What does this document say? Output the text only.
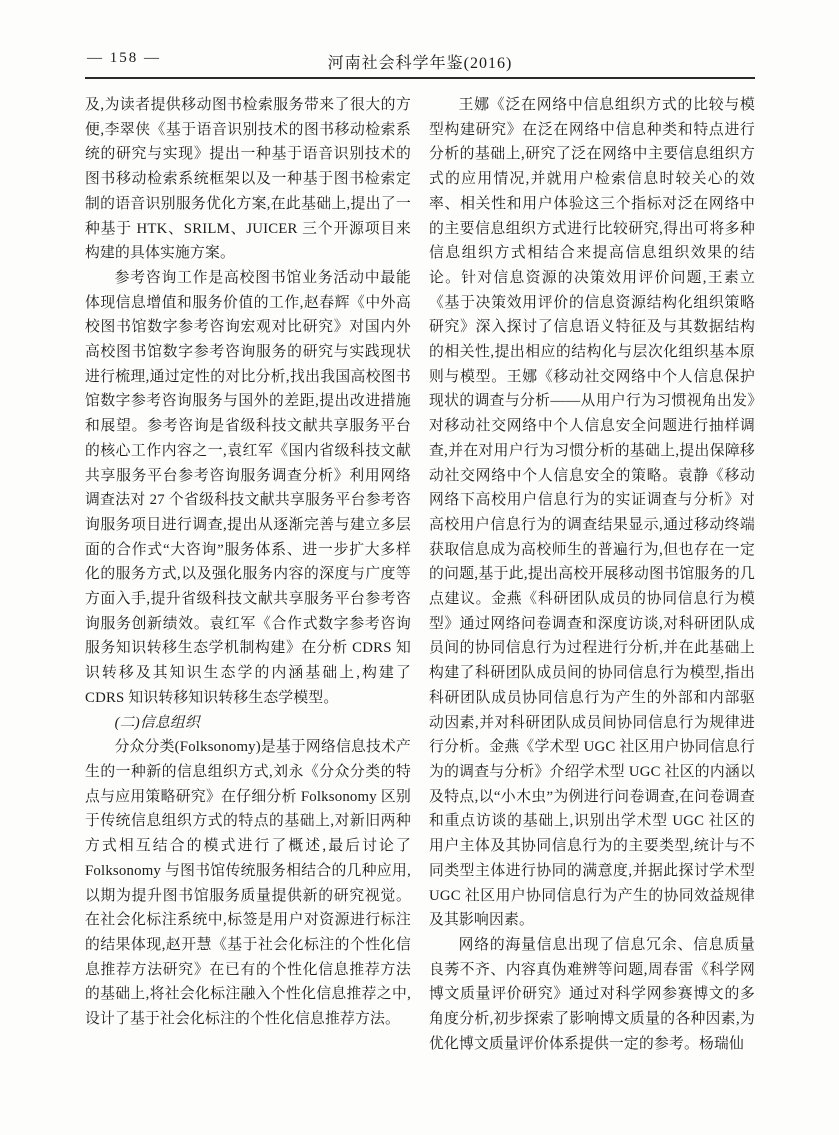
— 158 —	河南社会科学年鉴(2016)

及,为读者提供移动图书检索服务带来了很大的方便,李翠侠《基于语音识别技术的图书移动检索系统的研究与实现》提出一种基于语音识别技术的图书移动检索系统框架以及一种基于图书检索定制的语音识别服务优化方案,在此基础上,提出了一种基于 HTK、SRILM、JUICER 三个开源项目来构建的具体实施方案。

参考咨询工作是高校图书馆业务活动中最能体现信息增值和服务价值的工作,赵春辉《中外高校图书馆数字参考咨询宏观对比研究》对国内外高校图书馆数字参考咨询服务的研究与实践现状进行梳理,通过定性的对比分析,找出我国高校图书馆数字参考咨询服务与国外的差距,提出改进措施和展望。参考咨询是省级科技文献共享服务平台的核心工作内容之一,袁红军《国内省级科技文献共享服务平台参考咨询服务调查分析》利用网络调查法对 27 个省级科技文献共享服务平台参考咨询服务项目进行调查,提出从逐渐完善与建立多层面的合作式“大咨询”服务体系、进一步扩大多样化的服务方式,以及强化服务内容的深度与广度等方面入手,提升省级科技文献共享服务平台参考咨询服务创新绩效。袁红军《合作式数字参考咨询服务知识转移生态学机制构建》在分析 CDRS 知识转移及其知识生态学的内涵基础上,构建了 CDRS 知识转移知识转移生态学模型。

(二)信息组织

分众分类(Folksonomy)是基于网络信息技术产生的一种新的信息组织方式,刘永《分众分类的特点与应用策略研究》在仔细分析 Folksonomy 区别于传统信息组织方式的特点的基础上,对新旧两种方式相互结合的模式进行了概述,最后讨论了 Folksonomy 与图书馆传统服务相结合的几种应用,以期为提升图书馆服务质量提供新的研究视觉。在社会化标注系统中,标签是用户对资源进行标注的结果体现,赵开慧《基于社会化标注的个性化信息推荐方法研究》在已有的个性化信息推荐方法的基础上,将社会化标注融入个性化信息推荐之中,设计了基于社会化标注的个性化信息推荐方法。

王娜《泛在网络中信息组织方式的比较与模型构建研究》在泛在网络中信息种类和特点进行分析的基础上,研究了泛在网络中主要信息组织方式的应用情况,并就用户检索信息时较关心的效率、相关性和用户体验这三个指标对泛在网络中的主要信息组织方式进行比较研究,得出可将多种信息组织方式相结合来提高信息组织效果的结论。针对信息资源的决策效用评价问题,王素立《基于决策效用评价的信息资源结构化组织策略研究》深入探讨了信息语义特征及与其数据结构的相关性,提出相应的结构化与层次化组织基本原则与模型。王娜《移动社交网络中个人信息保护现状的调查与分析——从用户行为习惯视角出发》对移动社交网络中个人信息安全问题进行抽样调查,并在对用户行为习惯分析的基础上,提出保障移动社交网络中个人信息安全的策略。袁静《移动网络下高校用户信息行为的实证调查与分析》对高校用户信息行为的调查结果显示,通过移动终端获取信息成为高校师生的普遍行为,但也存在一定的问题,基于此,提出高校开展移动图书馆服务的几点建议。金燕《科研团队成员的协同信息行为模型》通过网络问卷调查和深度访谈,对科研团队成员间的协同信息行为过程进行分析,并在此基础上构建了科研团队成员间的协同信息行为模型,指出科研团队成员协同信息行为产生的外部和内部驱动因素,并对科研团队成员间协同信息行为规律进行分析。金燕《学术型 UGC 社区用户协同信息行为的调查与分析》介绍学术型 UGC 社区的内涵以及特点,以“小木虫”为例进行问卷调查,在问卷调查和重点访谈的基础上,识别出学术型 UGC 社区的用户主体及其协同信息行为的主要类型,统计与不同类型主体进行协同的满意度,并据此探讨学术型 UGC 社区用户协同信息行为产生的协同效益规律及其影响因素。

网络的海量信息出现了信息冗余、信息质量良莠不齐、内容真伪难辨等问题,周春雷《科学网博文质量评价研究》通过对科学网参赛博文的多角度分析,初步探索了影响博文质量的各种因素,为优化博文质量评价体系提供一定的参考。杨瑞仙
